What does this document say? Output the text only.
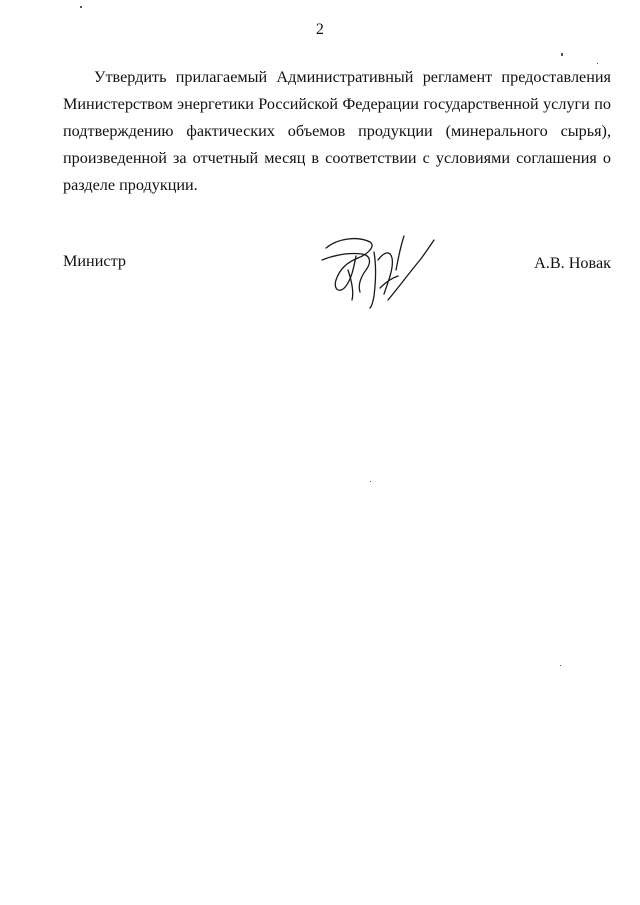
2

Утвердить прилагаемый Административный регламент предоставления Министерством энергетики Российской Федерации государственной услуги по подтверждению фактических объемов продукции (минерального сырья), произведенной за отчетный месяц в соответствии с условиями соглашения о разделе продукции.

Министр	А.В. Новак
